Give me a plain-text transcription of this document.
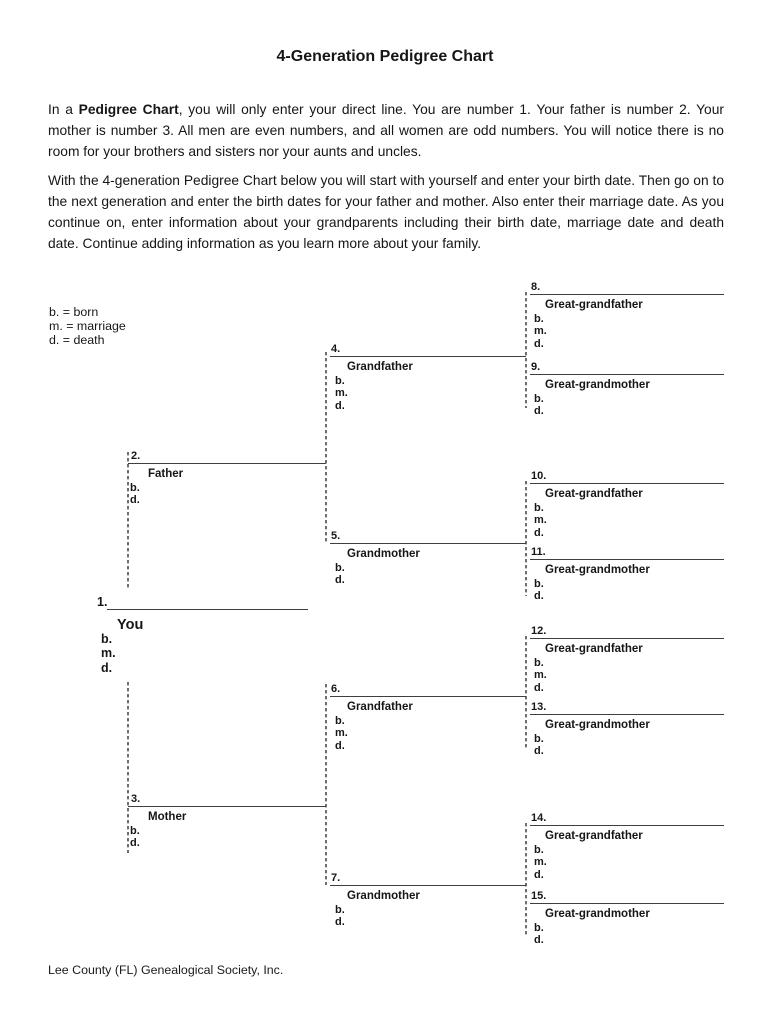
4-Generation Pedigree Chart

In a Pedigree Chart, you will only enter your direct line. You are number 1. Your father is number 2. Your mother is number 3. All men are even numbers, and all women are odd numbers. You will notice there is no room for your brothers and sisters nor your aunts and uncles.

With the 4-generation Pedigree Chart below you will start with yourself and enter your birth date. Then go on to the next generation and enter the birth dates for your father and mother. Also enter their marriage date. As you continue on, enter information about your grandparents including their birth date, marriage date and death date. Continue adding information as you learn more about your family.

b. = born
m. = marriage
d. = death
1.
You
b.
m.
d.
2.
Father
b.
d.
3.
Mother
b.
d.
4.
Grandfather
b.
m.
d.
5.
Grandmother
b.
d.
6.
Grandfather
b.
m.
d.
7.
Grandmother
b.
d.
8.
Great-grandfather
b.
m.
d.
9.
Great-grandmother
b.
d.
10.
Great-grandfather
b.
m.
d.
11.
Great-grandmother
b.
d.
12.
Great-grandfather
b.
m.
d.
13.
Great-grandmother
b.
d.
14.
Great-grandfather
b.
m.
d.
15.
Great-grandmother
b.
d.
Lee County (FL) Genealogical Society, Inc.
